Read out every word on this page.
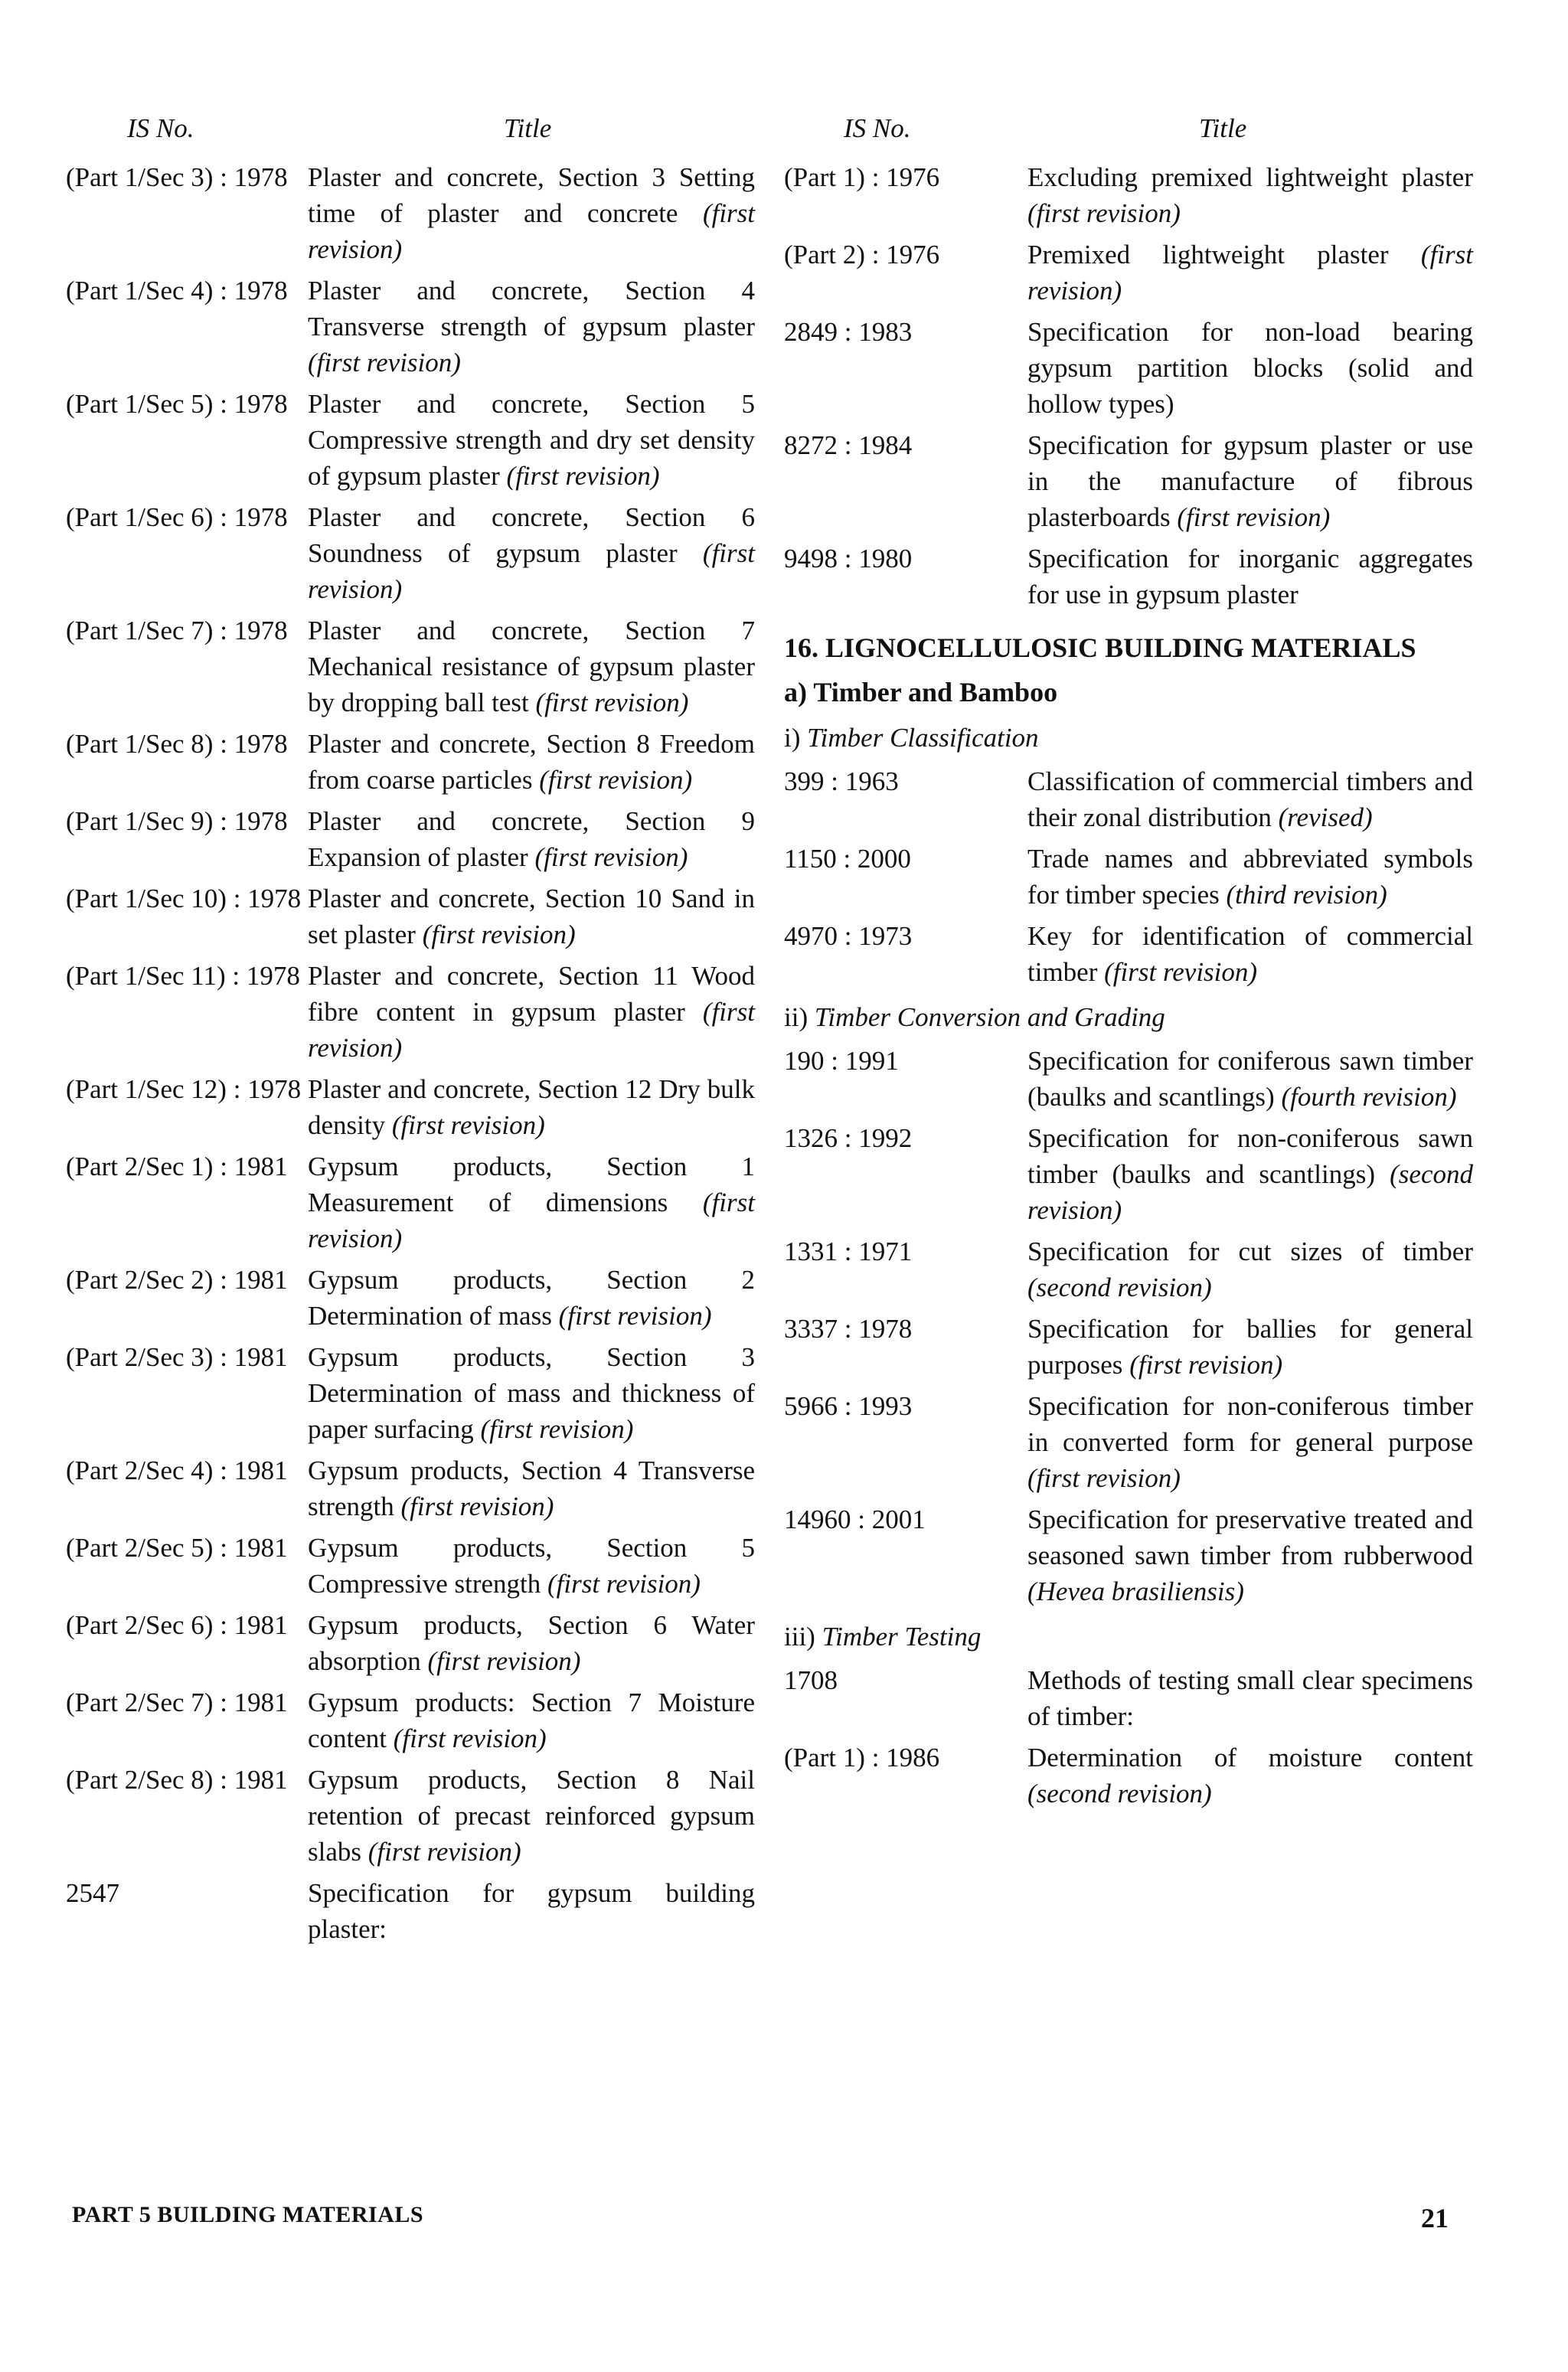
IS No.	Title
(Part 1/Sec 3) : 1978 Plaster and concrete, Section 3 Setting time of plaster and concrete (first revision)
(Part 1/Sec 4) : 1978 Plaster and concrete, Section 4 Transverse strength of gypsum plaster (first revision)
(Part 1/Sec 5) : 1978 Plaster and concrete, Section 5 Compressive strength and dry set density of gypsum plaster (first revision)
(Part 1/Sec 6) : 1978 Plaster and concrete, Section 6 Soundness of gypsum plaster (first revision)
(Part 1/Sec 7) : 1978 Plaster and concrete, Section 7 Mechanical resistance of gypsum plaster by dropping ball test (first revision)
(Part 1/Sec 8) : 1978 Plaster and concrete, Section 8 Freedom from coarse particles (first revision)
(Part 1/Sec 9) : 1978 Plaster and concrete, Section 9 Expansion of plaster (first revision)
(Part 1/Sec 10) : 1978 Plaster and concrete, Section 10 Sand in set plaster (first revision)
(Part 1/Sec 11) : 1978 Plaster and concrete, Section 11 Wood fibre content in gypsum plaster (first revision)
(Part 1/Sec 12) : 1978 Plaster and concrete, Section 12 Dry bulk density (first revision)
(Part 2/Sec 1) : 1981 Gypsum products, Section 1 Measurement of dimensions (first revision)
(Part 2/Sec 2) : 1981 Gypsum products, Section 2 Determination of mass (first revision)
(Part 2/Sec 3) : 1981 Gypsum products, Section 3 Determination of mass and thickness of paper surfacing (first revision)
(Part 2/Sec 4) : 1981 Gypsum products, Section 4 Transverse strength (first revision)
(Part 2/Sec 5) : 1981 Gypsum products, Section 5 Compressive strength (first revision)
(Part 2/Sec 6) : 1981 Gypsum products, Section 6 Water absorption (first revision)
(Part 2/Sec 7) : 1981 Gypsum products: Section 7 Moisture content (first revision)
(Part 2/Sec 8) : 1981 Gypsum products, Section 8 Nail retention of precast reinforced gypsum slabs (first revision)
2547	Specification for gypsum building plaster:
IS No.	Title
(Part 1) : 1976	Excluding premixed lightweight plaster (first revision)
(Part 2) : 1976	Premixed lightweight plaster (first revision)
2849 : 1983	Specification for non-load bearing gypsum partition blocks (solid and hollow types)
8272 : 1984	Specification for gypsum plaster or use in the manufacture of fibrous plasterboards (first revision)
9498 : 1980	Specification for inorganic aggregates for use in gypsum plaster
16. LIGNOCELLULOSIC BUILDING MATERIALS
a) Timber and Bamboo
i) Timber Classification
399 : 1963	Classification of commercial timbers and their zonal distribution (revised)
1150 : 2000	Trade names and abbreviated symbols for timber species (third revision)
4970 : 1973	Key for identification of commercial timber (first revision)
ii) Timber Conversion and Grading
190 : 1991	Specification for coniferous sawn timber (baulks and scantlings) (fourth revision)
1326 : 1992	Specification for non-coniferous sawn timber (baulks and scantlings) (second revision)
1331 : 1971	Specification for cut sizes of timber (second revision)
3337 : 1978	Specification for ballies for general purposes (first revision)
5966 : 1993	Specification for non-coniferous timber in converted form for general purpose (first revision)
14960 : 2001	Specification for preservative treated and seasoned sawn timber from rubberwood (Hevea brasiliensis)
iii) Timber Testing
1708	Methods of testing small clear specimens of timber:
(Part 1) : 1986	Determination of moisture content (second revision)
PART 5 BUILDING MATERIALS	21
